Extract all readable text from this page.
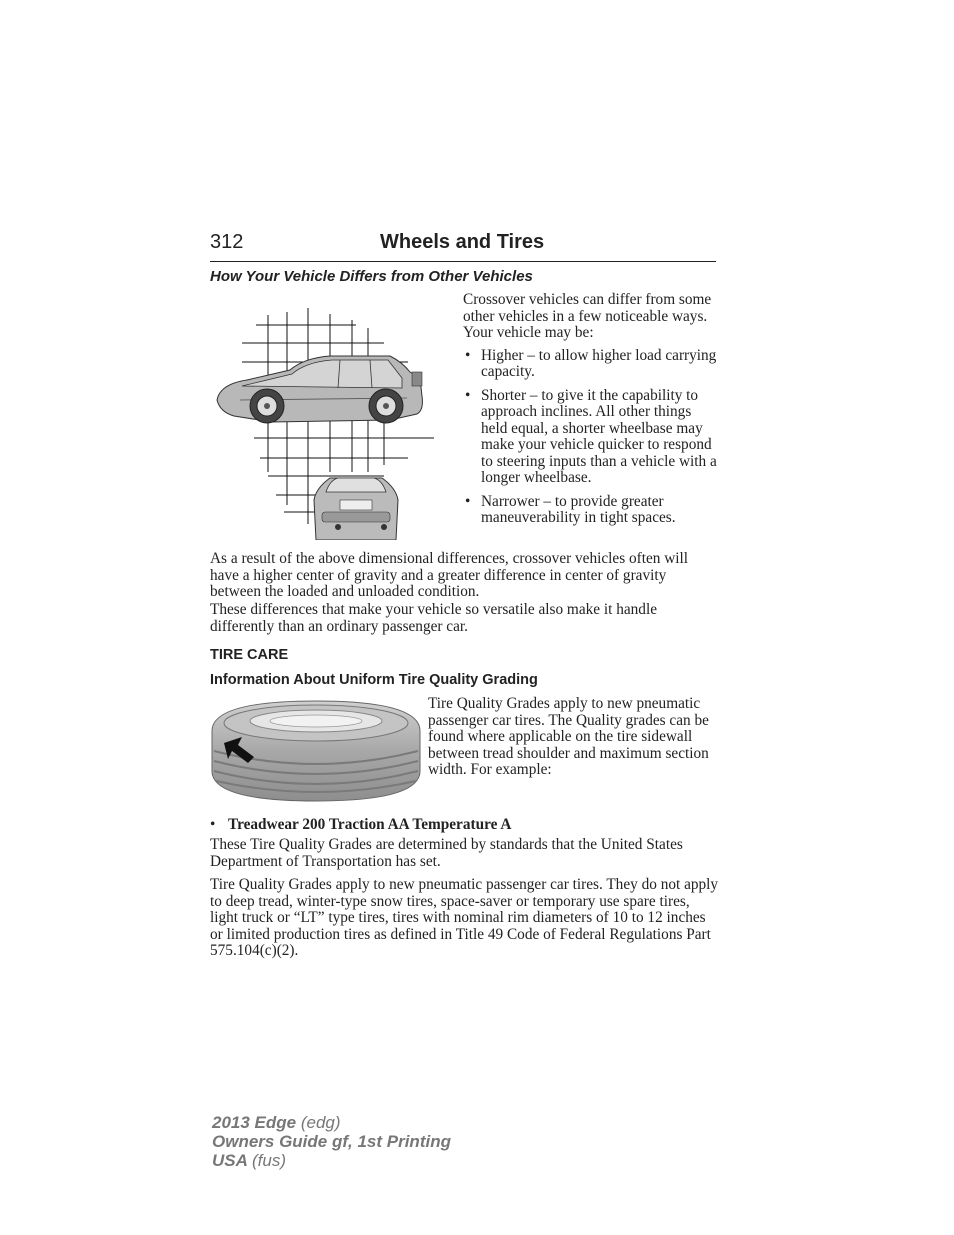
312	Wheels and Tires
How Your Vehicle Differs from Other Vehicles

Crossover vehicles can differ from some other vehicles in a few noticeable ways. Your vehicle may be:

• Higher – to allow higher load carrying capacity.
• Shorter – to give it the capability to approach inclines. All other things held equal, a shorter wheelbase may make your vehicle quicker to respond to steering inputs than a vehicle with a longer wheelbase.
• Narrower – to provide greater maneuverability in tight spaces.

As a result of the above dimensional differences, crossover vehicles often will have a higher center of gravity and a greater difference in center of gravity between the loaded and unloaded condition.

These differences that make your vehicle so versatile also make it handle differently than an ordinary passenger car.

TIRE CARE
Information About Uniform Tire Quality Grading

Tire Quality Grades apply to new pneumatic passenger car tires. The Quality grades can be found where applicable on the tire sidewall between tread shoulder and maximum section width. For example:

• Treadwear 200 Traction AA Temperature A

These Tire Quality Grades are determined by standards that the United States Department of Transportation has set.

Tire Quality Grades apply to new pneumatic passenger car tires. They do not apply to deep tread, winter-type snow tires, space-saver or temporary use spare tires, light truck or “LT” type tires, tires with nominal rim diameters of 10 to 12 inches or limited production tires as defined in Title 49 Code of Federal Regulations Part 575.104(c)(2).

2013 Edge (edg)
Owners Guide gf, 1st Printing
USA (fus)
